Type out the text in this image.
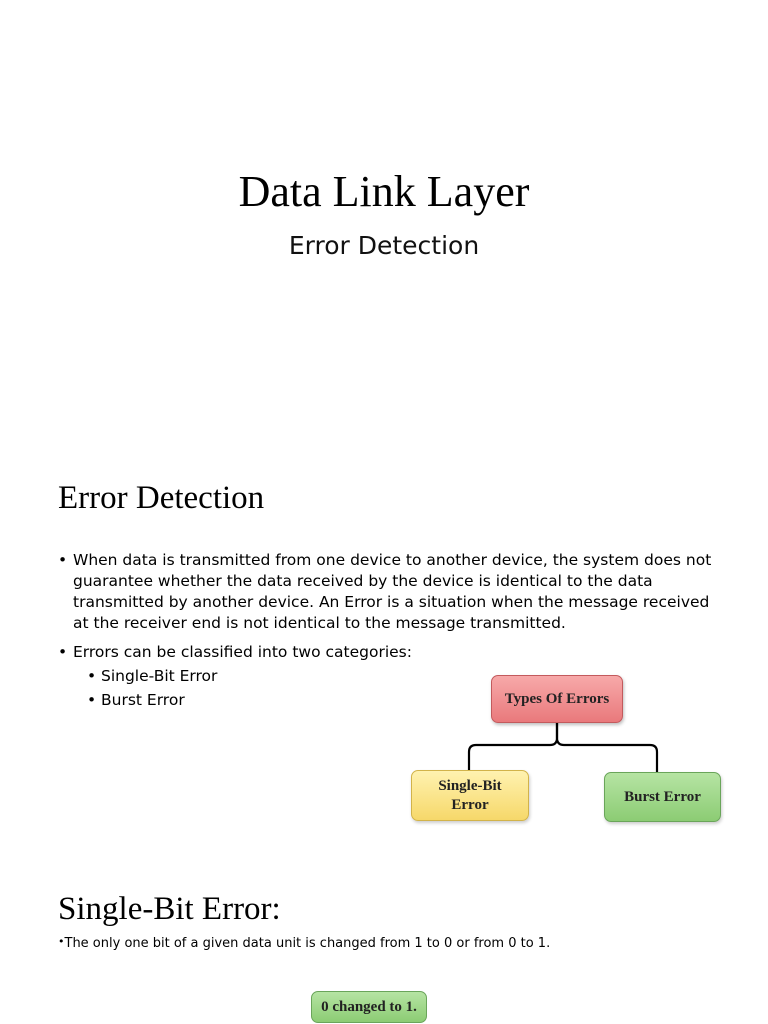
Data Link Layer
Error Detection
Error Detection
• When data is transmitted from one device to another device, the system does not guarantee whether the data received by the device is identical to the data transmitted by another device. An Error is a situation when the message received at the receiver end is not identical to the message transmitted.
• Errors can be classified into two categories:
• Single-Bit Error
• Burst Error	Types Of Errors
Single-Bit Error	Burst Error
Single-Bit Error:
•The only one bit of a given data unit is changed from 1 to 0 or from 0 to 1.
0 changed to 1.
